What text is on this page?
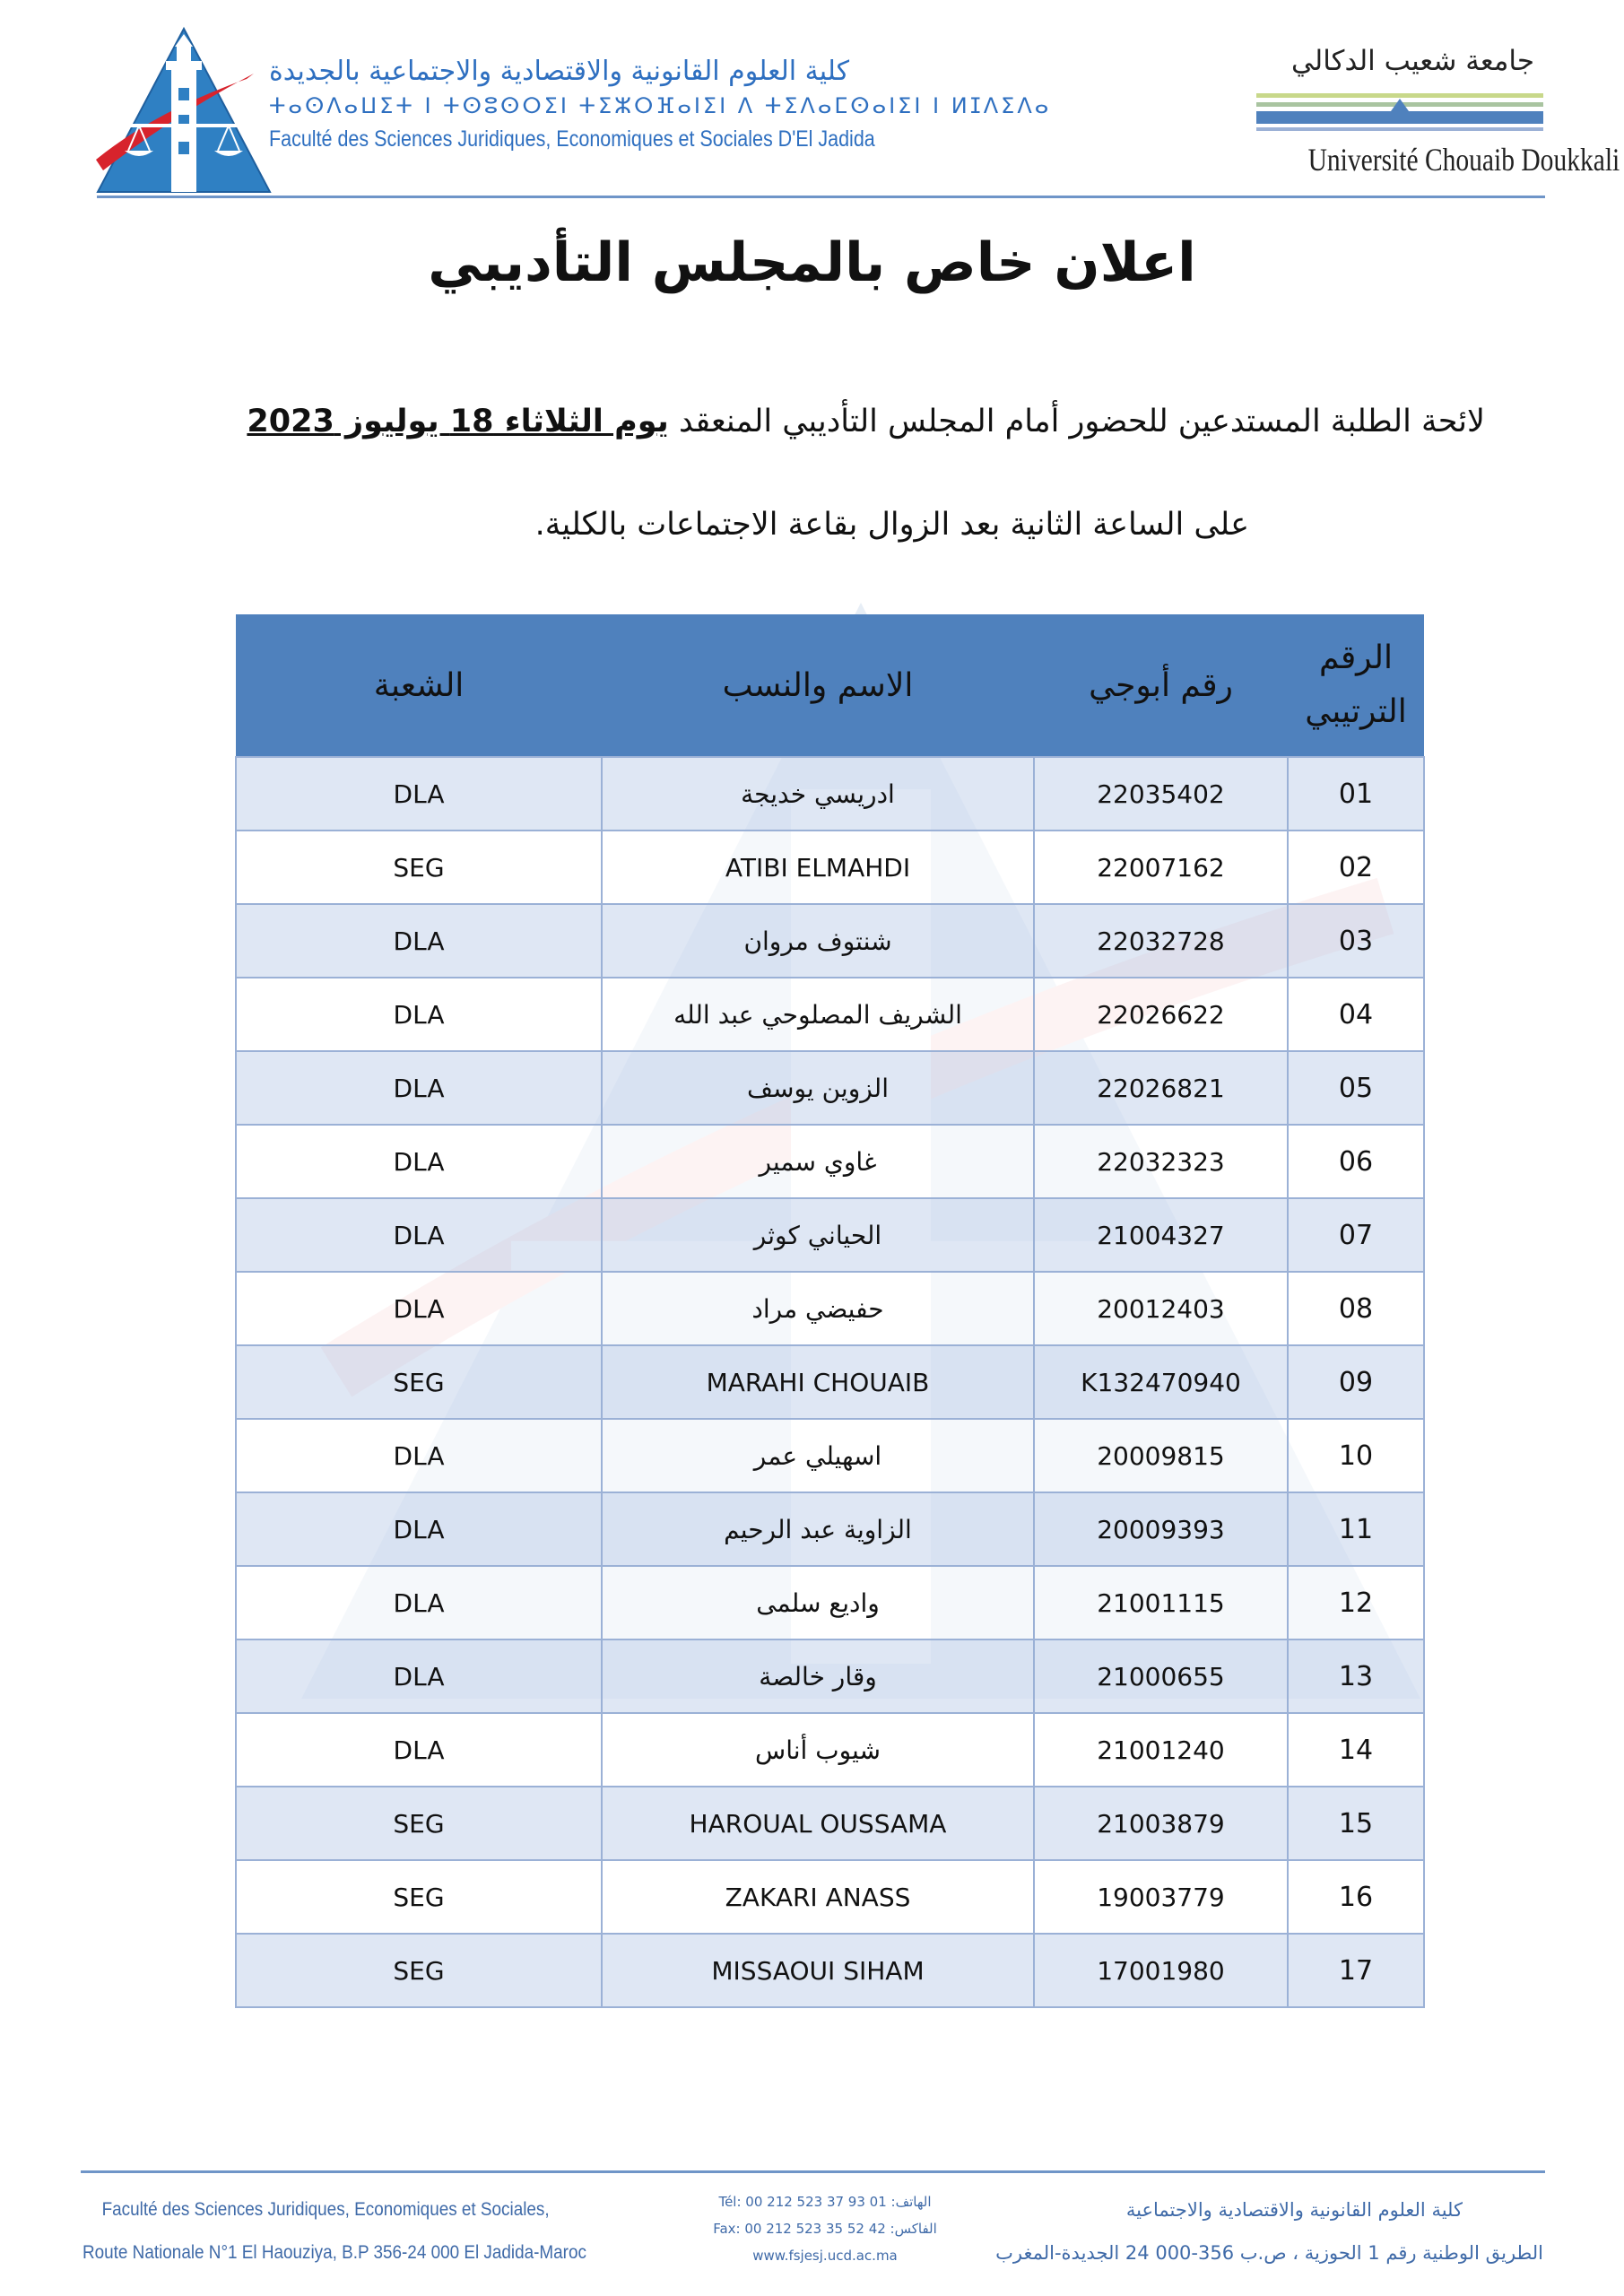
كلية العلوم القانونية والاقتصادية والاجتماعية بالجديدة
ⵜⴰⵙⴷⴰⵡⵉⵜ ⵏ ⵜⵙⵓⵙⵔⵉⵏ ⵜⵉⵣⵔⴼⴰⵏⵉⵏ ⴷ ⵜⵉⴷⴰⵎⵙⴰⵏⵉⵏ ⵏ ⵍⵊⴷⵉⴷⴰ
Faculté des Sciences Juridiques, Economiques et Sociales D'El Jadida
جامعة شعيب الدكالي
Université Chouaib Doukkali
اعلان خاص بالمجلس التأديبي
لائحة الطلبة المستدعين للحضور أمام المجلس التأديبي المنعقد يوم الثلاثاء 18 يوليوز 2023
على الساعة الثانية بعد الزوال بقاعة الاجتماعات بالكلية.
الرقم
الترتيبي	رقم أبوجي	الاسم والنسب	الشعبة
01	22035402	ادريسي خديجة	DLA
02	22007162	ATIBI ELMAHDI	SEG
03	22032728	شنتوف مروان	DLA
04	22026622	الشريف المصلوحي عبد الله	DLA
05	22026821	الزوين يوسف	DLA
06	22032323	غاوي سمير	DLA
07	21004327	الحياني كوثر	DLA
08	20012403	حفيضي مراد	DLA
09	K132470940	MARAHI CHOUAIB	SEG
10	20009815	اسهيلي عمر	DLA
11	20009393	الزاوية عبد الرحيم	DLA
12	21001115	واديع سلمى	DLA
13	21000655	وقار خالصة	DLA
14	21001240	شيوب أناس	DLA
15	21003879	HAROUAL OUSSAMA	SEG
16	19003779	ZAKARI ANASS	SEG
17	17001980	MISSAOUI SIHAM	SEG
Faculté des Sciences Juridiques, Economiques et Sociales,
Route Nationale N°1 El Haouziya, B.P 356-24 000 El Jadida-Maroc
Tél: 00 212 523 37 93 01 :الهاتف
Fax: 00 212 523 35 52 42 :الفاكس
www.fsjesj.ucd.ac.ma
كلية العلوم القانونية والاقتصادية والاجتماعية
الطريق الوطنية رقم 1 الحوزية ، ص.ب 356-000 24 الجديدة-المغرب
